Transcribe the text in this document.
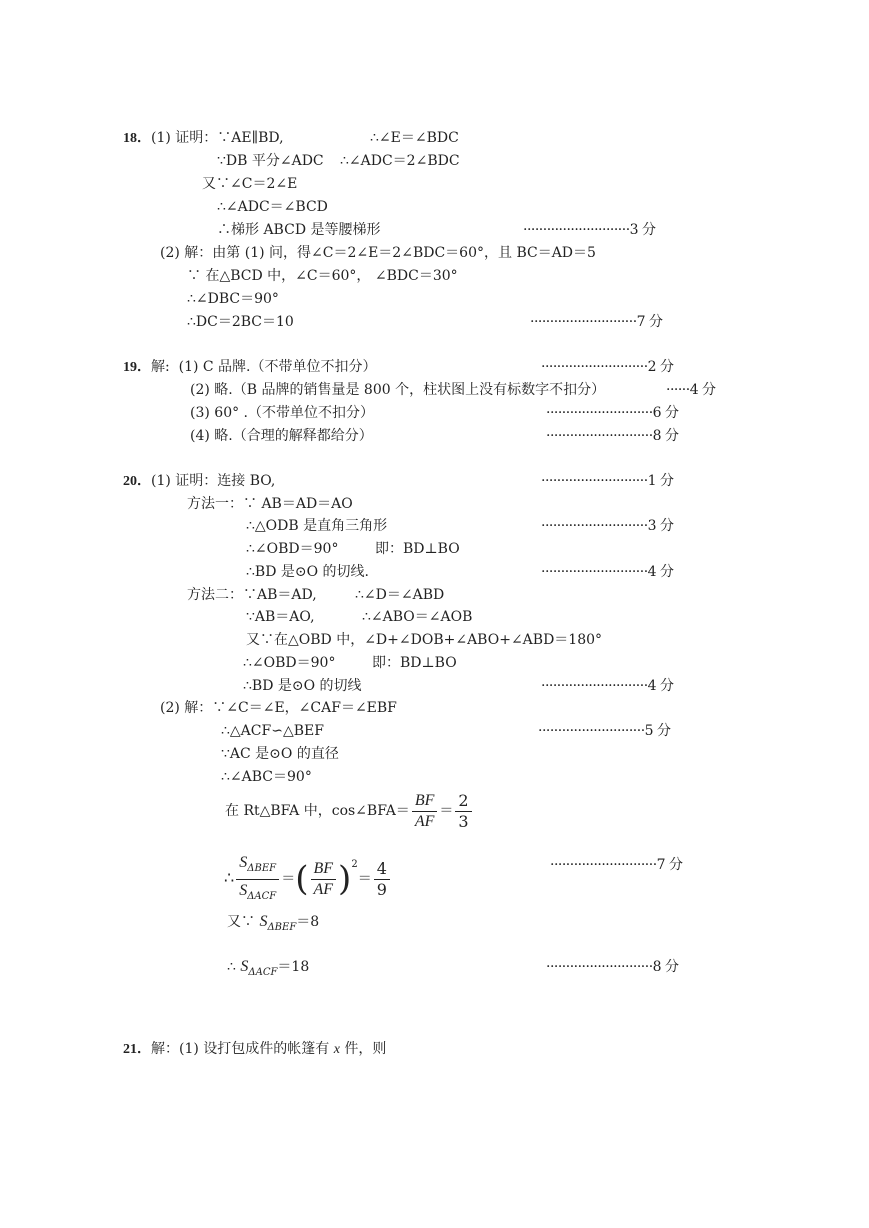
18．(1) 证明：∵AE∥BD,	∴∠E＝∠BDC
∵DB 平分∠ADC ∴∠ADC＝2∠BDC
又∵∠C＝2∠E
∴∠ADC＝∠BCD
∴梯形 ABCD 是等腰梯形	···························3 分
(2) 解：由第 (1) 问，得∠C＝2∠E＝2∠BDC＝60°，且 BC＝AD＝5
∵ 在△BCD 中，∠C＝60°， ∠BDC＝30°
∴∠DBC＝90°
∴DC＝2BC＝10	···························7 分
19．解:  (1) C 品牌.（不带单位不扣分）	···························2 分
(2) 略.（B 品牌的销售量是 800 个，柱状图上没有标数字不扣分）	······4 分
(3) 60° .（不带单位不扣分）	···························6 分
(4) 略.（合理的解释都给分）	···························8 分
20．(1) 证明：连接 BO,	···························1 分
方法一：∵ AB＝AD＝AO
∴△ODB 是直角三角形	···························3 分
∴∠OBD＝90°	即：BD⊥BO
∴BD 是⊙O 的切线.	···························4 分
方法二：∵AB＝AD,	∴∠D＝∠ABD
∵AB＝AO,	∴∠ABO＝∠AOB
又∵在△OBD 中，∠D+∠DOB+∠ABO+∠ABD＝180°
∴∠OBD＝90°	即：BD⊥BO
∴BD 是⊙O 的切线	···························4 分
(2) 解：∵∠C＝∠E，∠CAF＝∠EBF
∴△ACF∽△BEF	···························5 分
∵AC 是⊙O 的直径
∴∠ABC＝90°
在 Rt△BFA 中，cos∠BFA＝ $\frac{BF}{AF} = \frac{2}{3}$
∴ $\frac{S_{\Delta BEF}}{S_{\Delta ACF}}$ ＝( $\frac{BF}{AF} )^2= \frac{4}{9}$	···························7 分
又∵ $S_{\Delta BEF}=8$
∴ $S_{\Delta ACF}=18$	···························8 分
21．解：(1) 设打包成件的帐篷有 x 件，则
